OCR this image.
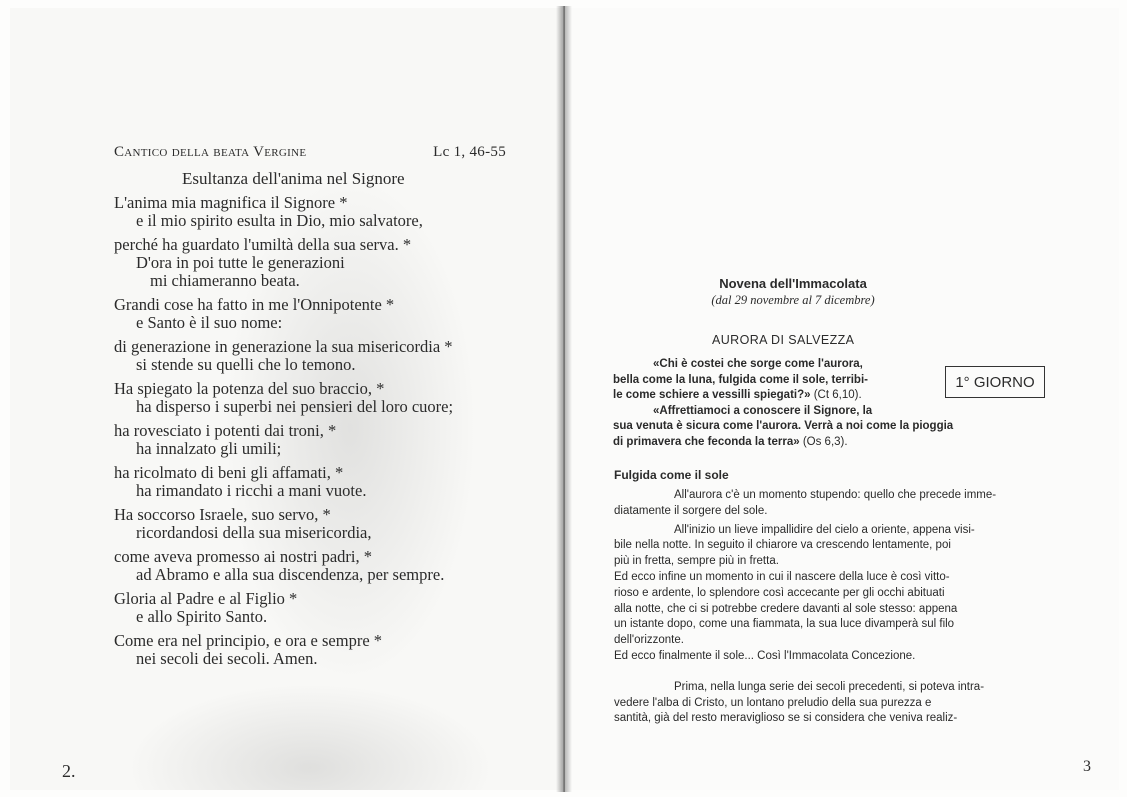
Cantico della beata Vergine	Lc 1, 46-55
Esultanza dell'anima nel Signore
L'anima mia magnifica il Signore *
e il mio spirito esulta in Dio, mio salvatore,
perché ha guardato l'umiltà della sua serva. *
D'ora in poi tutte le generazioni
mi chiameranno beata.
Grandi cose ha fatto in me l'Onnipotente *
e Santo è il suo nome:
di generazione in generazione la sua misericordia *
si stende su quelli che lo temono.
Ha spiegato la potenza del suo braccio, *
ha disperso i superbi nei pensieri del loro cuore;
ha rovesciato i potenti dai troni, *
ha innalzato gli umili;
ha ricolmato di beni gli affamati, *
ha rimandato i ricchi a mani vuote.
Ha soccorso Israele, suo servo, *
ricordandosi della sua misericordia,
come aveva promesso ai nostri padri, *
ad Abramo e alla sua discendenza, per sempre.
Gloria al Padre e al Figlio *
e allo Spirito Santo.
Come era nel principio, e ora e sempre *
nei secoli dei secoli. Amen.
2.
Novena dell'Immacolata
(dal 29 novembre al 7 dicembre)
AURORA DI SALVEZZA
«Chi è costei che sorge come l'aurora,
bella come la luna, fulgida come il sole, terribi-
le come schiere a vessilli spiegati?» (Ct 6,10).
«Affrettiamoci a conoscere il Signore, la
sua venuta è sicura come l'aurora. Verrà a noi come la pioggia
di primavera che feconda la terra» (Os 6,3).
1° GIORNO
Fulgida come il sole
All'aurora c'è un momento stupendo: quello che precede imme-
diatamente il sorgere del sole.
All'inizio un lieve impallidire del cielo a oriente, appena visi-
bile nella notte. In seguito il chiarore va crescendo lentamente, poi
più in fretta, sempre più in fretta.
Ed ecco infine un momento in cui il nascere della luce è così vitto-
rioso e ardente, lo splendore così accecante per gli occhi abituati
alla notte, che ci si potrebbe credere davanti al sole stesso: appena
un istante dopo, come una fiammata, la sua luce divamperà sul filo
dell'orizzonte.
Ed ecco finalmente il sole... Così l'Immacolata Concezione.
Prima, nella lunga serie dei secoli precedenti, si poteva intra-
vedere l'alba di Cristo, un lontano preludio della sua purezza e
santità, già del resto meraviglioso se si considera che veniva realiz-
3
